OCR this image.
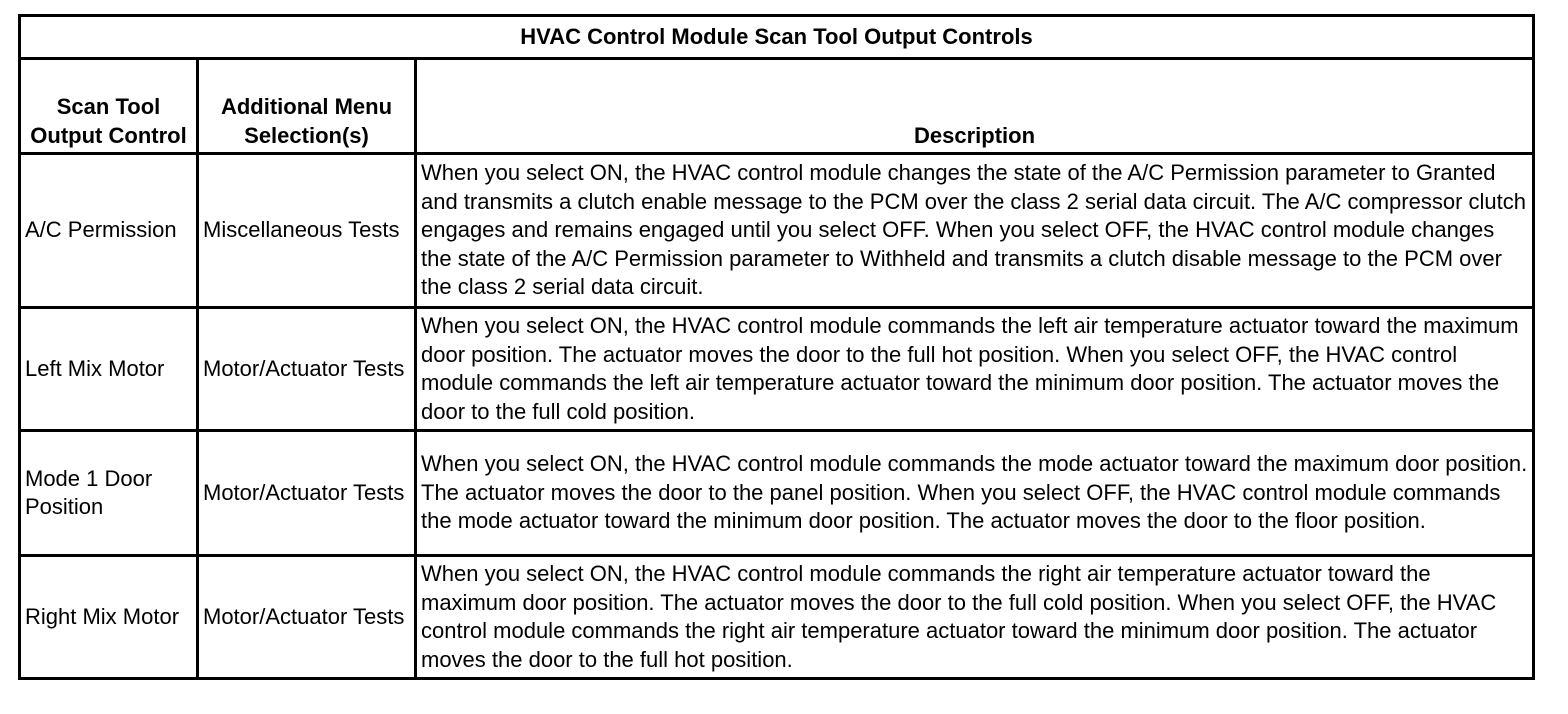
HVAC Control Module Scan Tool Output Controls		
Scan Tool Output Control	Additional Menu Selection(s)	Description
A/C Permission	Miscellaneous Tests	When you select ON, the HVAC control module changes the state of the A/C Permission parameter to Granted and transmits a clutch enable message to the PCM over the class 2 serial data circuit. The A/C compressor clutch engages and remains engaged until you select OFF. When you select OFF, the HVAC control module changes the state of the A/C Permission parameter to Withheld and transmits a clutch disable message to the PCM over the class 2 serial data circuit.
Left Mix Motor	Motor/Actuator Tests	When you select ON, the HVAC control module commands the left air temperature actuator toward the maximum door position. The actuator moves the door to the full hot position. When you select OFF, the HVAC control module commands the left air temperature actuator toward the minimum door position. The actuator moves the door to the full cold position.
Mode 1 Door Position	Motor/Actuator Tests	When you select ON, the HVAC control module commands the mode actuator toward the maximum door position. The actuator moves the door to the panel position. When you select OFF, the HVAC control module commands the mode actuator toward the minimum door position. The actuator moves the door to the floor position.
Right Mix Motor	Motor/Actuator Tests	When you select ON, the HVAC control module commands the right air temperature actuator toward the maximum door position. The actuator moves the door to the full cold position. When you select OFF, the HVAC control module commands the right air temperature actuator toward the minimum door position. The actuator moves the door to the full hot position.
